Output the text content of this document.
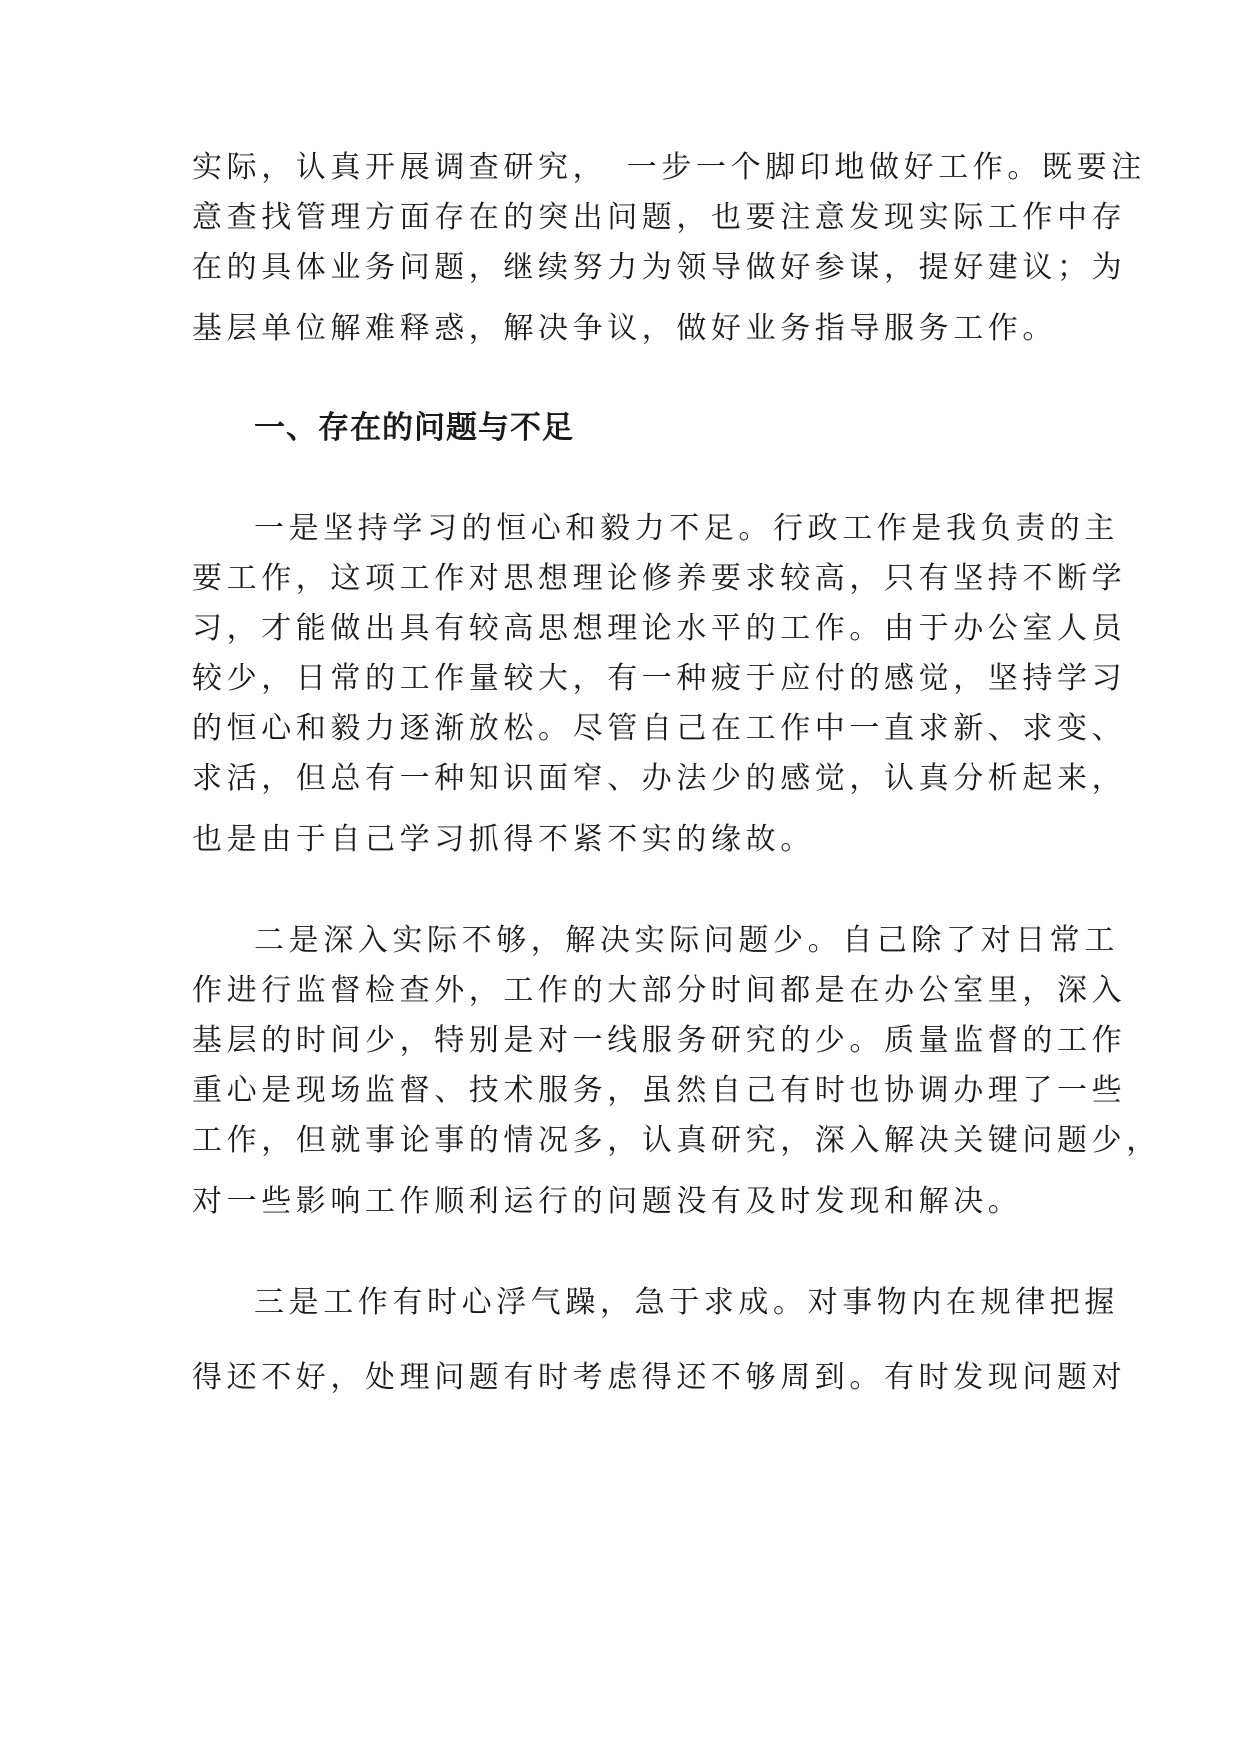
实际，认真开展调查研究，　一步一个脚印地做好工作。既要注

意查找管理方面存在的突出问题，也要注意发现实际工作中存

在的具体业务问题，继续努力为领导做好参谋，提好建议；为

基层单位解难释惑，解决争议，做好业务指导服务工作。

一、存在的问题与不足

一是坚持学习的恒心和毅力不足。行政工作是我负责的主

要工作，这项工作对思想理论修养要求较高，只有坚持不断学

习，才能做出具有较高思想理论水平的工作。由于办公室人员

较少，日常的工作量较大，有一种疲于应付的感觉，坚持学习

的恒心和毅力逐渐放松。尽管自己在工作中一直求新、求变、

求活，但总有一种知识面窄、办法少的感觉，认真分析起来，

也是由于自己学习抓得不紧不实的缘故。

二是深入实际不够，解决实际问题少。自己除了对日常工

作进行监督检查外，工作的大部分时间都是在办公室里，深入

基层的时间少，特别是对一线服务研究的少。质量监督的工作

重心是现场监督、技术服务，虽然自己有时也协调办理了一些

工作，但就事论事的情况多，认真研究，深入解决关键问题少，

对一些影响工作顺利运行的问题没有及时发现和解决。

三是工作有时心浮气躁，急于求成。对事物内在规律把握

得还不好，处理问题有时考虑得还不够周到。有时发现问题对
